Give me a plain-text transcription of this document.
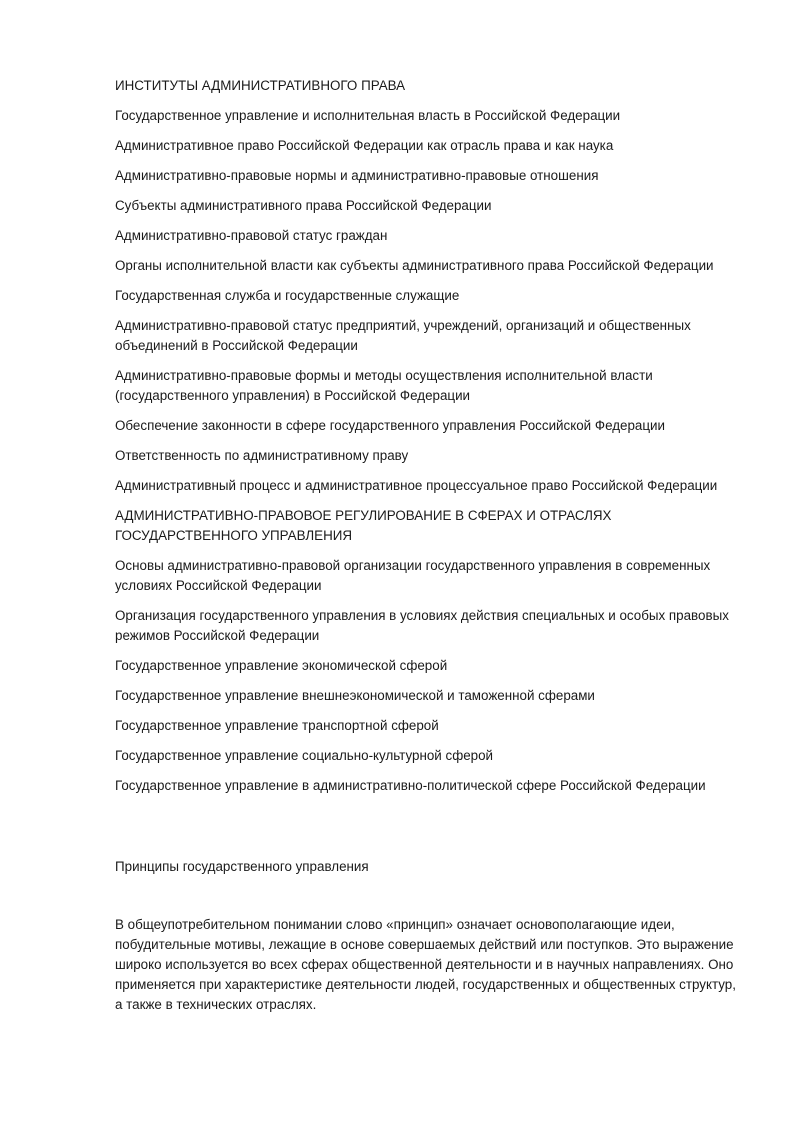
ИНСТИТУТЫ АДМИНИСТРАТИВНОГО ПРАВА

Государственное управление и исполнительная власть в Российской Федерации

Административное право Российской Федерации как отрасль права и как наука

Административно-правовые нормы и административно-правовые отношения

Субъекты административного права Российской Федерации

Административно-правовой статус граждан

Органы исполнительной власти как субъекты административного права Российской Федерации

Государственная служба и государственные служащие

Административно-правовой статус предприятий, учреждений, организаций и общественных объединений в Российской Федерации

Административно-правовые формы и методы осуществления исполнительной власти (государственного управления) в Российской Федерации

Обеспечение законности в сфере государственного управления Российской Федерации

Ответственность по административному праву

Административный процесс и административное процессуальное право Российской Федерации

АДМИНИСТРАТИВНО-ПРАВОВОЕ РЕГУЛИРОВАНИЕ В СФЕРАХ И ОТРАСЛЯХ ГОСУДАРСТВЕННОГО УПРАВЛЕНИЯ

Основы административно-правовой организации государственного управления в современных условиях Российской Федерации

Организация государственного управления в условиях действия специальных и особых правовых режимов Российской Федерации

Государственное управление экономической сферой

Государственное управление внешнеэкономической и таможенной сферами

Государственное управление транспортной сферой

Государственное управление социально-культурной сферой

Государственное управление в административно-политической сфере Российской Федерации

Принципы государственного управления

В общеупотребительном понимании слово «принцип» означает основополагающие идеи, побудительные мотивы, лежащие в основе совершаемых действий или поступков. Это выражение широко используется во всех сферах общественной деятельности и в научных направлениях. Оно применяется при характеристике деятельности людей, государственных и общественных структур, а также в технических отраслях.
